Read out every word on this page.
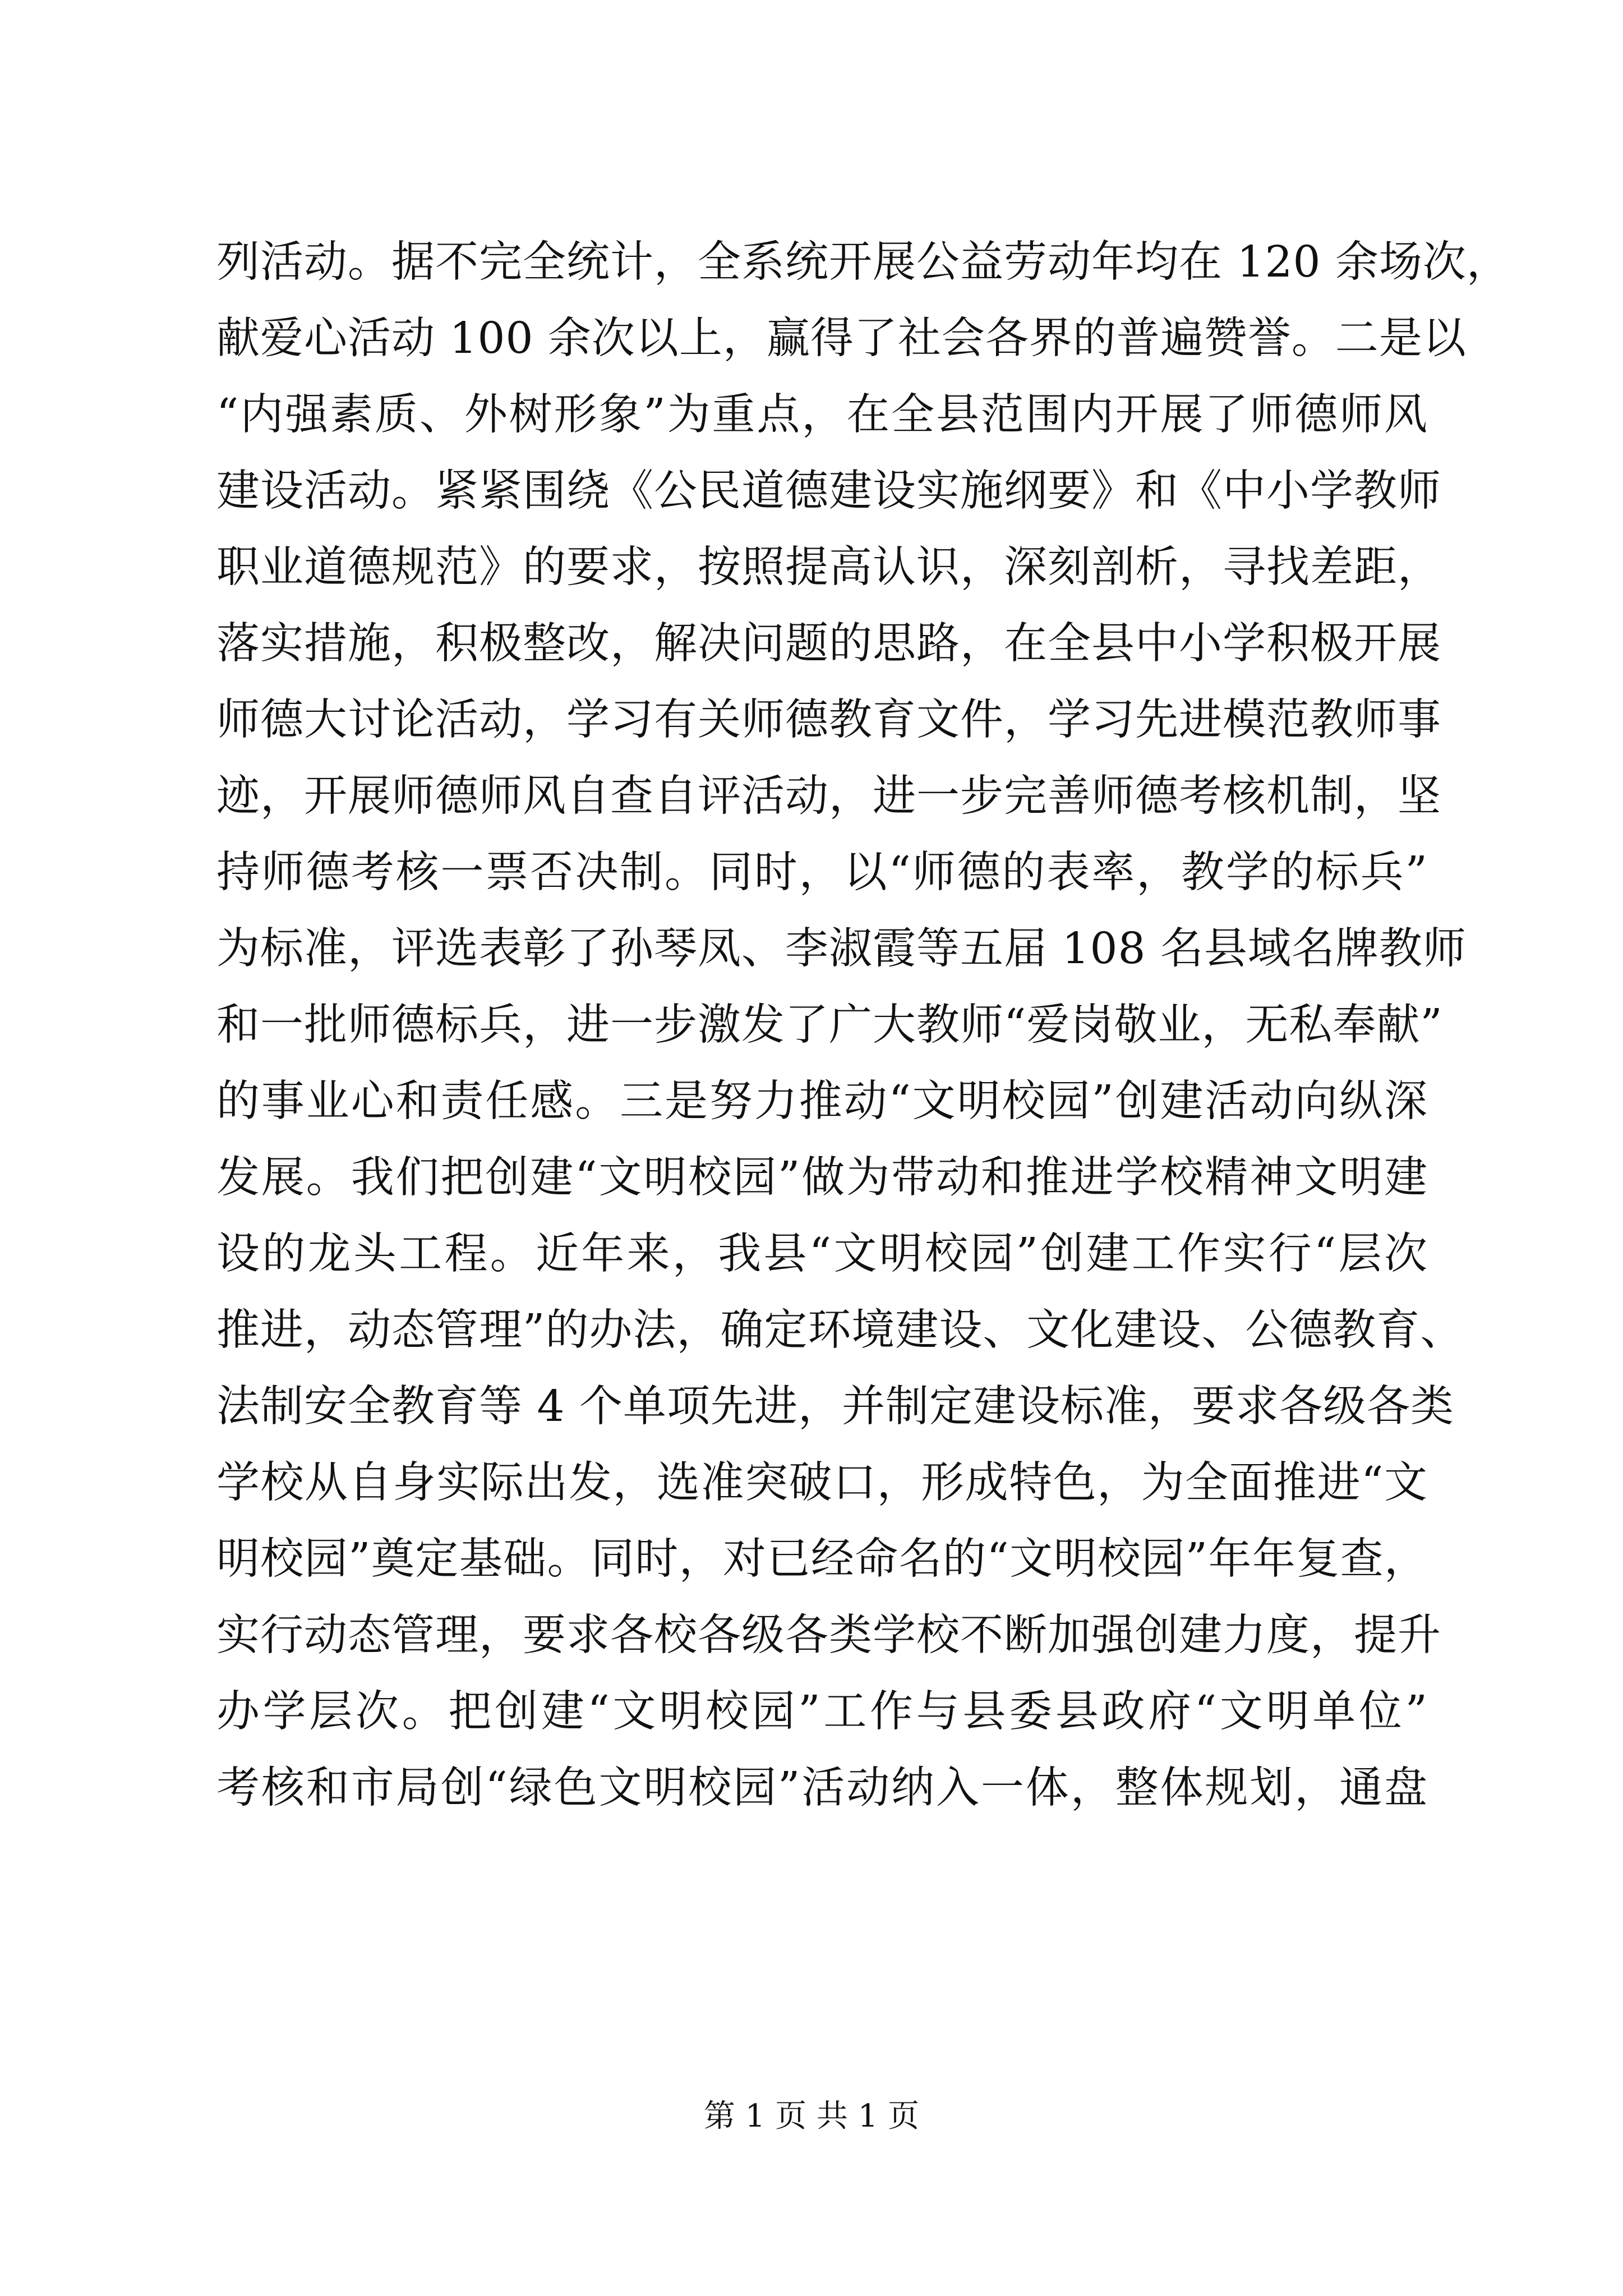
列活动。据不完全统计，全系统开展公益劳动年均在 120 余场次，
献爱心活动 100 余次以上，赢得了社会各界的普遍赞誉。二是以
“内强素质、外树形象”为重点，在全县范围内开展了师德师风
建设活动。紧紧围绕《公民道德建设实施纲要》和《中小学教师
职业道德规范》的要求，按照提高认识，深刻剖析，寻找差距，
落实措施，积极整改，解决问题的思路，在全县中小学积极开展
师德大讨论活动，学习有关师德教育文件，学习先进模范教师事
迹，开展师德师风自查自评活动，进一步完善师德考核机制，坚
持师德考核一票否决制。同时，以“师德的表率，教学的标兵”
为标准，评选表彰了孙琴凤、李淑霞等五届 108 名县域名牌教师
和一批师德标兵，进一步激发了广大教师“爱岗敬业，无私奉献”
的事业心和责任感。三是努力推动“文明校园”创建活动向纵深
发展。我们把创建“文明校园”做为带动和推进学校精神文明建
设的龙头工程。近年来，我县“文明校园”创建工作实行“层次
推进，动态管理”的办法，确定环境建设、文化建设、公德教育、
法制安全教育等 4 个单项先进，并制定建设标准，要求各级各类
学校从自身实际出发，选准突破口，形成特色，为全面推进“文
明校园”奠定基础。同时，对已经命名的“文明校园”年年复查，
实行动态管理，要求各校各级各类学校不断加强创建力度，提升
办学层次。把创建“文明校园”工作与县委县政府“文明单位”
考核和市局创“绿色文明校园”活动纳入一体，整体规划，通盘
第 1 页 共 1 页
